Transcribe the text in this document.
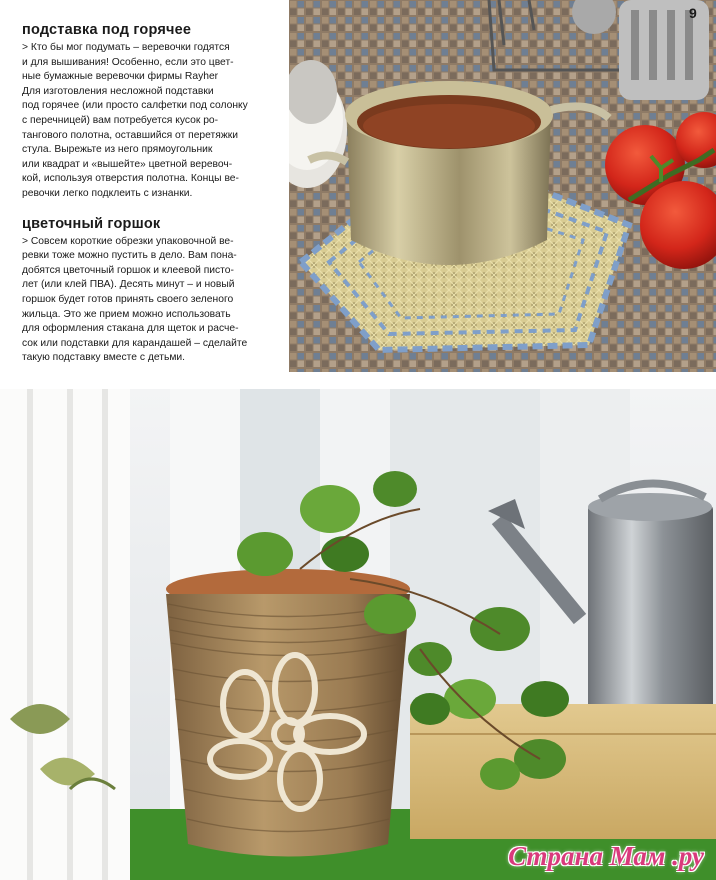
подставка под горячее

> Кто бы мог подумать – веревочки годятся
и для вышивания! Особенно, если это цвет-
ные бумажные веревочки фирмы Rayher
Для изготовления несложной подставки
под горячее (или просто салфетки под солонку
с перечницей) вам потребуется кусок ро-
тангового полотна, оставшийся от перетяжки
стула. Вырежьте из него прямоугольник
или квадрат и «вышейте» цветной веревоч-
кой, используя отверстия полотна. Концы ве-
ревочки легко подклеить с изнанки.

цветочный горшок

> Совсем короткие обрезки упаковочной ве-
ревки тоже можно пустить в дело. Вам пона-
добятся цветочный горшок и клеевой писто-
лет (или клей ПВА). Десять минут – и новый
горшок будет готов принять своего зеленого
жильца. Это же прием можно использовать
для оформления стакана для щеток и расче-
сок или подставки для карандашей – сделайте
такую подставку вместе с детьми.

9
Страна Мам .ру
